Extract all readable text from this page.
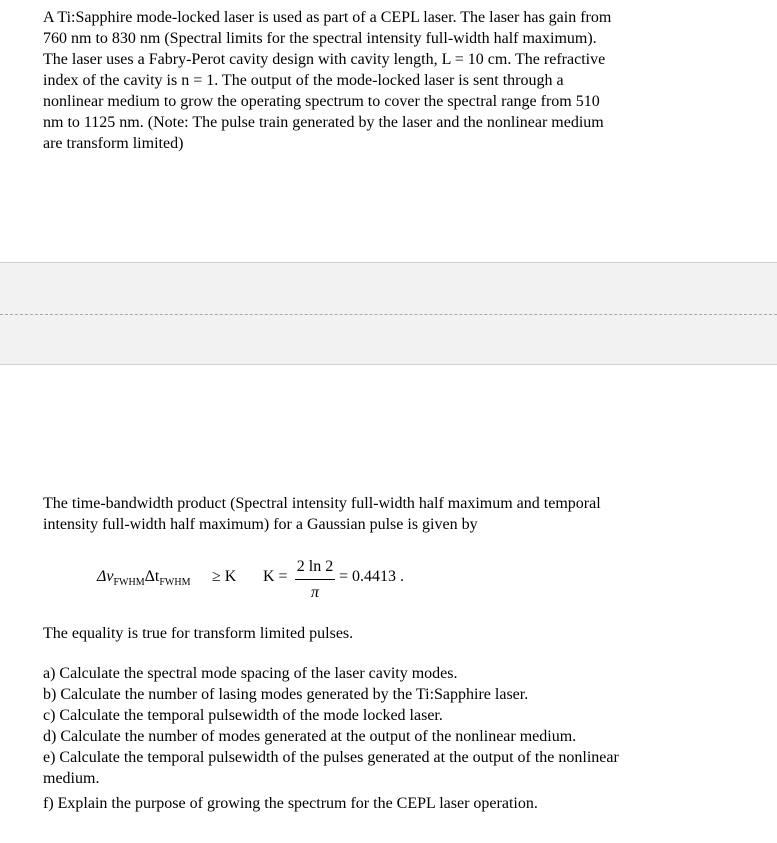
A Ti:Sapphire mode-locked laser is used as part of a CEPL laser. The laser has gain from
760 nm to 830 nm (Spectral limits for the spectral intensity full-width half maximum).
The laser uses a Fabry-Perot cavity design with cavity length, L = 10 cm. The refractive
index of the cavity is n = 1. The output of the mode-locked laser is sent through a
nonlinear medium to grow the operating spectrum to cover the spectral range from 510
nm to 1125 nm. (Note: The pulse train generated by the laser and the nonlinear medium
are transform limited)
The time-bandwidth product (Spectral intensity full-width half maximum and temporal
intensity full-width half maximum) for a Gaussian pulse is given by
$\Delta\nu_{FWHM}\Delta t_{FWHM} \ge K$ K =
2 ln 2
π
= 0.4413 .

The equality is true for transform limited pulses.

a) Calculate the spectral mode spacing of the laser cavity modes.
b) Calculate the number of lasing modes generated by the Ti:Sapphire laser.
c) Calculate the temporal pulsewidth of the mode locked laser.
d) Calculate the number of modes generated at the output of the nonlinear medium.
e) Calculate the temporal pulsewidth of the pulses generated at the output of the nonlinear
medium.
f) Explain the purpose of growing the spectrum for the CEPL laser operation.
